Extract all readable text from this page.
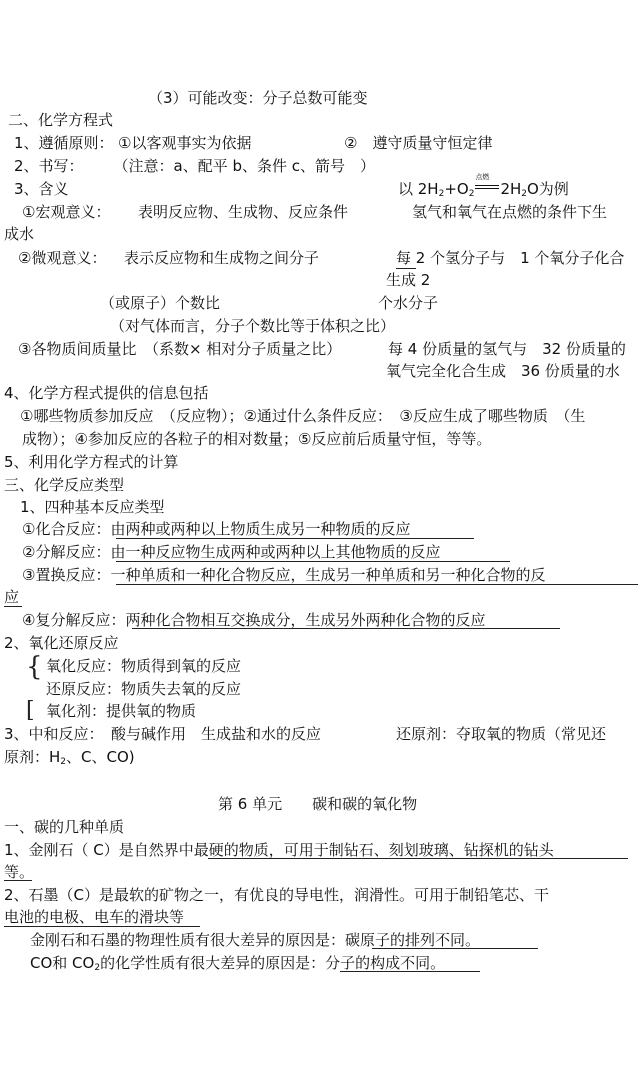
（3）可能改变：分子总数可能变
二、化学方程式
1、遵循原则： ①以客观事实为依据	②　遵守质量守恒定律
2、书写：　　　（注意：a、配平 b、条件 c、箭号　）
3、含义	以 $2H_2+O_2$
点燃
$2H_2O$为例
①宏观意义： 表明反应物、生成物、反应条件	氢气和氧气在点燃的条件下生
成水
②微观意义： 表示反应物和生成物之间分子	每 2 个氢分子与　1 个氧分子化合
生成 2
（或原子）个数比	个水分子
（对气体而言，分子个数比等于体积之比）
③各物质间质量比　（系数× 相对分子质量之比）	每 4 份质量的氢气与　32 份质量的
氧气完全化合生成　36 份质量的水
4、化学方程式提供的信息包括
①哪些物质参加反应　（反应物）；②通过什么条件反应：　③反应生成了哪些物质　（生
成物）；④参加反应的各粒子的相对数量；⑤反应前后质量守恒，等等。
5、利用化学方程式的计算
三、化学反应类型
1、四种基本反应类型
①化合反应：由两种或两种以上物质生成另一种物质的反应
②分解反应：由一种反应物生成两种或两种以上其他物质的反应
③置换反应：一种单质和一种化合物反应，生成另一种单质和另一种化合物的反
应
④复分解反应：两种化合物相互交换成分，生成另外两种化合物的反应
2、氧化还原反应
{ 氧化反应：物质得到氧的反应
还原反应：物质失去氧的反应
[ 氧化剂：提供氧的物质
3、中和反应：　酸与碱作用　生成盐和水的反应	还原剂：夺取氧的物质（常见还
原剂：$H_2$、C、CO)
第 6 单元　　碳和碳的氧化物
一、碳的几种单质
1、金刚石（ C）是自然界中最硬的物质，可用于制钻石、刻划玻璃、钻探机的钻头
等。
2、石墨（C）是最软的矿物之一，有优良的导电性，润滑性。可用于制铅笔芯、干
电池的电极、电车的滑块等
金刚石和石墨的物理性质有很大差异的原因是：碳原子的排列不同。
CO和 $CO_2$的化学性质有很大差异的原因是：分子的构成不同。
